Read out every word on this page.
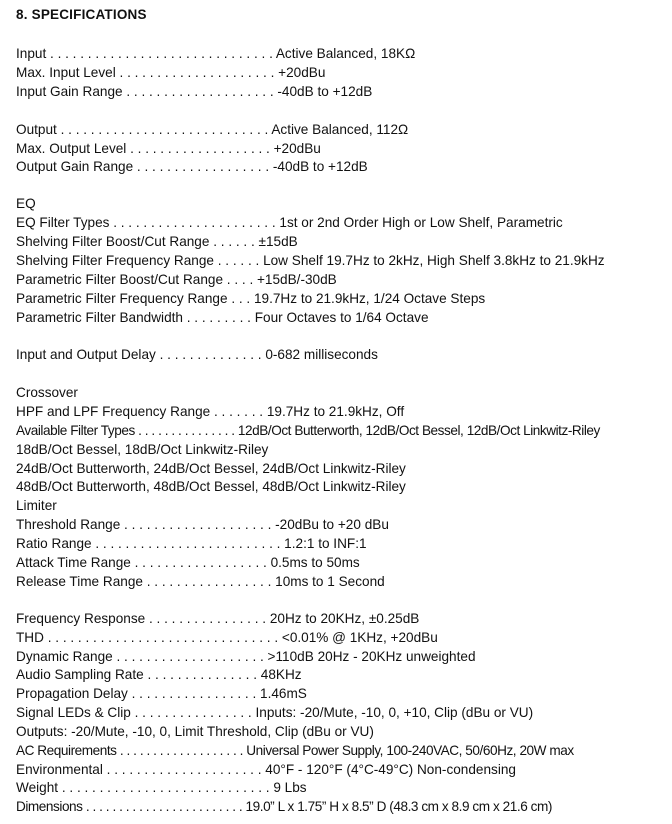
8. SPECIFICATIONS
Input . . . . . . . . . . . . . . . . . . . . . . . . . . . . . . Active Balanced, 18KΩ
Max. Input Level . . . . . . . . . . . . . . . . . . . . . +20dBu
Input Gain Range . . . . . . . . . . . . . . . . . . . . -40dB to +12dB
Output . . . . . . . . . . . . . . . . . . . . . . . . . . . . Active Balanced, 112Ω
Max. Output Level . . . . . . . . . . . . . . . . . . . +20dBu
Output Gain Range . . . . . . . . . . . . . . . . . . -40dB to +12dB
EQ
EQ Filter Types . . . . . . . . . . . . . . . . . . . . . . 1st or 2nd Order High or Low Shelf, Parametric
Shelving Filter Boost/Cut Range . . . . . . ±15dB
Shelving Filter Frequency Range . . . . . . Low Shelf 19.7Hz to 2kHz, High Shelf 3.8kHz to 21.9kHz
Parametric Filter Boost/Cut Range . . . . +15dB/-30dB
Parametric Filter Frequency Range . . . 19.7Hz to 21.9kHz, 1/24 Octave Steps
Parametric Filter Bandwidth . . . . . . . . . Four Octaves to 1/64 Octave
Input and Output Delay . . . . . . . . . . . . . . 0-682 milliseconds
Crossover
HPF and LPF Frequency Range . . . . . . . 19.7Hz to 21.9kHz, Off
Available Filter Types . . . . . . . . . . . . . . . 12dB/Oct Butterworth, 12dB/Oct Bessel, 12dB/Oct Linkwitz-Riley
18dB/Oct Bessel, 18dB/Oct Linkwitz-Riley
24dB/Oct Butterworth, 24dB/Oct Bessel, 24dB/Oct Linkwitz-Riley
48dB/Oct Butterworth, 48dB/Oct Bessel, 48dB/Oct Linkwitz-Riley
Limiter
Threshold Range . . . . . . . . . . . . . . . . . . . . -20dBu to +20 dBu
Ratio Range . . . . . . . . . . . . . . . . . . . . . . . . . 1.2:1 to INF:1
Attack Time Range . . . . . . . . . . . . . . . . . . 0.5ms to 50ms
Release Time Range . . . . . . . . . . . . . . . . . 10ms to 1 Second
Frequency Response . . . . . . . . . . . . . . . . 20Hz to 20KHz, ±0.25dB
THD . . . . . . . . . . . . . . . . . . . . . . . . . . . . . . . <0.01% @ 1KHz, +20dBu
Dynamic Range . . . . . . . . . . . . . . . . . . . . >110dB 20Hz - 20KHz unweighted
Audio Sampling Rate . . . . . . . . . . . . . . . 48KHz
Propagation Delay . . . . . . . . . . . . . . . . . 1.46mS
Signal LEDs & Clip . . . . . . . . . . . . . . . . Inputs: -20/Mute, -10, 0, +10, Clip (dBu or VU)
Outputs: -20/Mute, -10, 0, Limit Threshold, Clip (dBu or VU)
AC Requirements . . . . . . . . . . . . . . . . . . . Universal Power Supply, 100-240VAC, 50/60Hz, 20W max
Environmental . . . . . . . . . . . . . . . . . . . . . 40°F - 120°F (4°C-49°C) Non-condensing
Weight . . . . . . . . . . . . . . . . . . . . . . . . . . . . 9 Lbs
Dimensions . . . . . . . . . . . . . . . . . . . . . . . . 19.0” L x 1.75” H x 8.5” D (48.3 cm x 8.9 cm x 21.6 cm)
